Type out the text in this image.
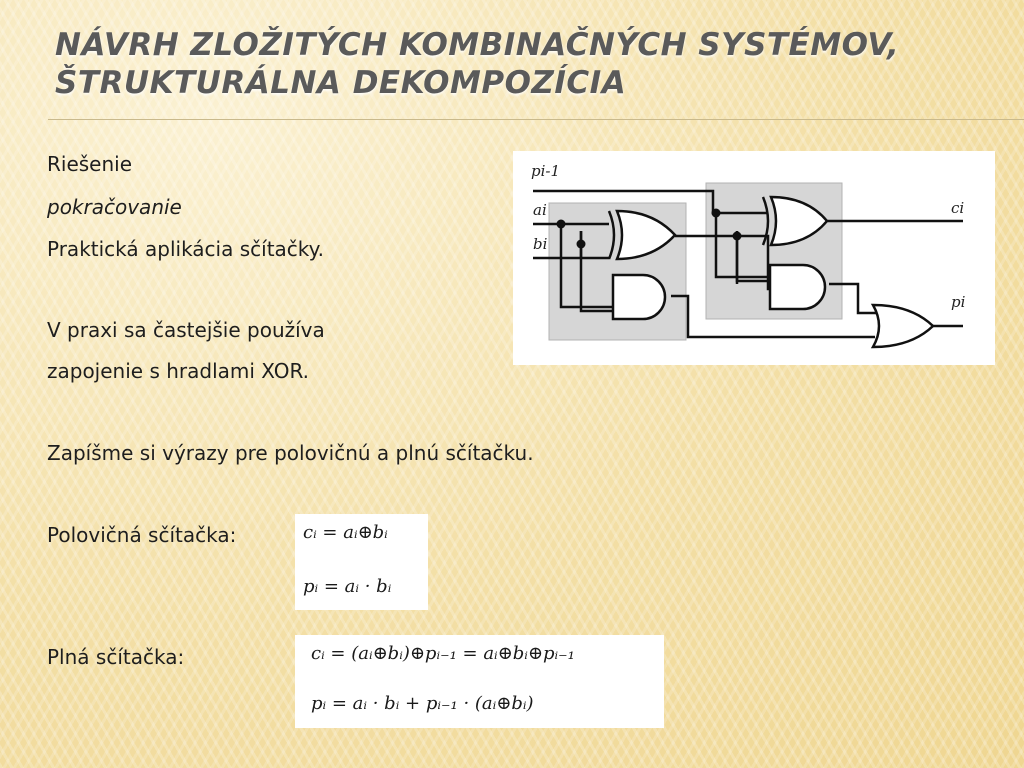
NÁVRH ZLOŽITÝCH KOMBINAČNÝCH SYSTÉMOV,
ŠTRUKTURÁLNA DEKOMPOZÍCIA
Riešenie
pokračovanie
Praktická aplikácia sčítačky.
V praxi sa častejšie používa
zapojenie s hradlami XOR.
Zapíšme si výrazy pre polovičnú a plnú sčítačku.
Polovičná sčítačka:
Plná sčítačka:
cᵢ = aᵢ⊕bᵢ
pᵢ = aᵢ · bᵢ
cᵢ = (aᵢ⊕bᵢ)⊕pᵢ₋₁ = aᵢ⊕bᵢ⊕pᵢ₋₁
pᵢ = aᵢ · bᵢ + pᵢ₋₁ · (aᵢ⊕bᵢ)
pi-1
ai
bi
ci
pi
